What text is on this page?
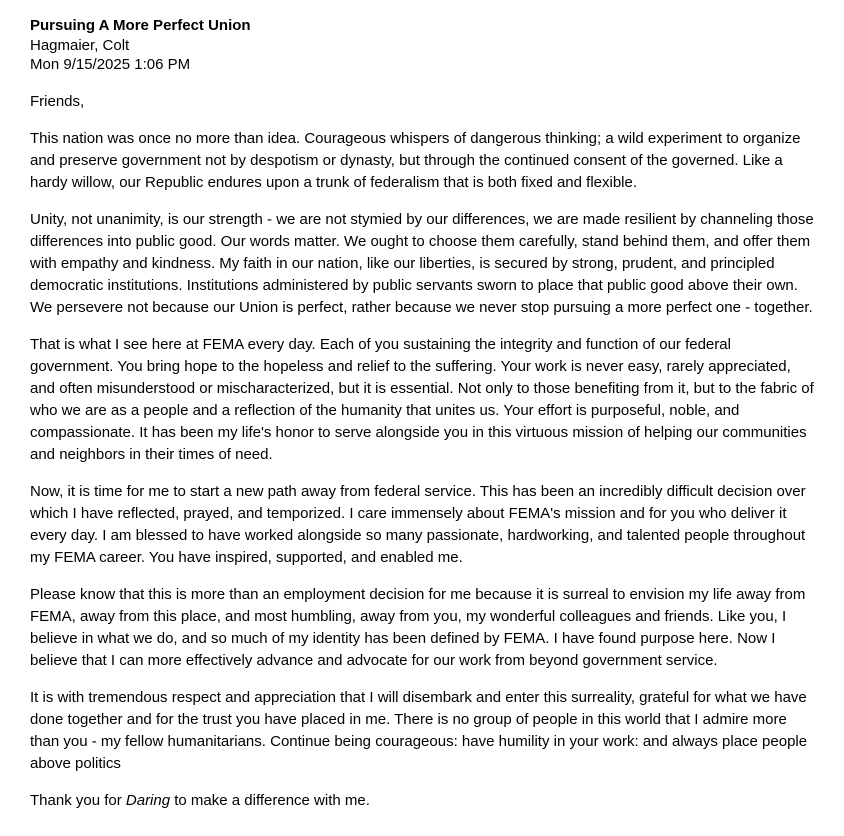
Pursuing A More Perfect Union
Hagmaier, Colt
Mon 9/15/2025 1:06 PM

Friends,

This nation was once no more than idea. Courageous whispers of dangerous thinking; a wild experiment to organize and preserve government not by despotism or dynasty, but through the continued consent of the governed. Like a hardy willow, our Republic endures upon a trunk of federalism that is both fixed and flexible.

Unity, not unanimity, is our strength - we are not stymied by our differences, we are made resilient by channeling those differences into public good. Our words matter. We ought to choose them carefully, stand behind them, and offer them with empathy and kindness. My faith in our nation, like our liberties, is secured by strong, prudent, and principled democratic institutions. Institutions administered by public servants sworn to place that public good above their own. We persevere not because our Union is perfect, rather because we never stop pursuing a more perfect one - together.

That is what I see here at FEMA every day. Each of you sustaining the integrity and function of our federal government. You bring hope to the hopeless and relief to the suffering. Your work is never easy, rarely appreciated, and often misunderstood or mischaracterized, but it is essential. Not only to those benefiting from it, but to the fabric of who we are as a people and a reflection of the humanity that unites us. Your effort is purposeful, noble, and compassionate. It has been my life's honor to serve alongside you in this virtuous mission of helping our communities and neighbors in their times of need.

Now, it is time for me to start a new path away from federal service. This has been an incredibly difficult decision over which I have reflected, prayed, and temporized. I care immensely about FEMA's mission and for you who deliver it every day. I am blessed to have worked alongside so many passionate, hardworking, and talented people throughout my FEMA career. You have inspired, supported, and enabled me.

Please know that this is more than an employment decision for me because it is surreal to envision my life away from FEMA, away from this place, and most humbling, away from you, my wonderful colleagues and friends. Like you, I believe in what we do, and so much of my identity has been defined by FEMA. I have found purpose here. Now I believe that I can more effectively advance and advocate for our work from beyond government service.

It is with tremendous respect and appreciation that I will disembark and enter this surreality, grateful for what we have done together and for the trust you have placed in me. There is no group of people in this world that I admire more than you - my fellow humanitarians. Continue being courageous: have humility in your work: and always place people above politics

Thank you for Daring to make a difference with me.
